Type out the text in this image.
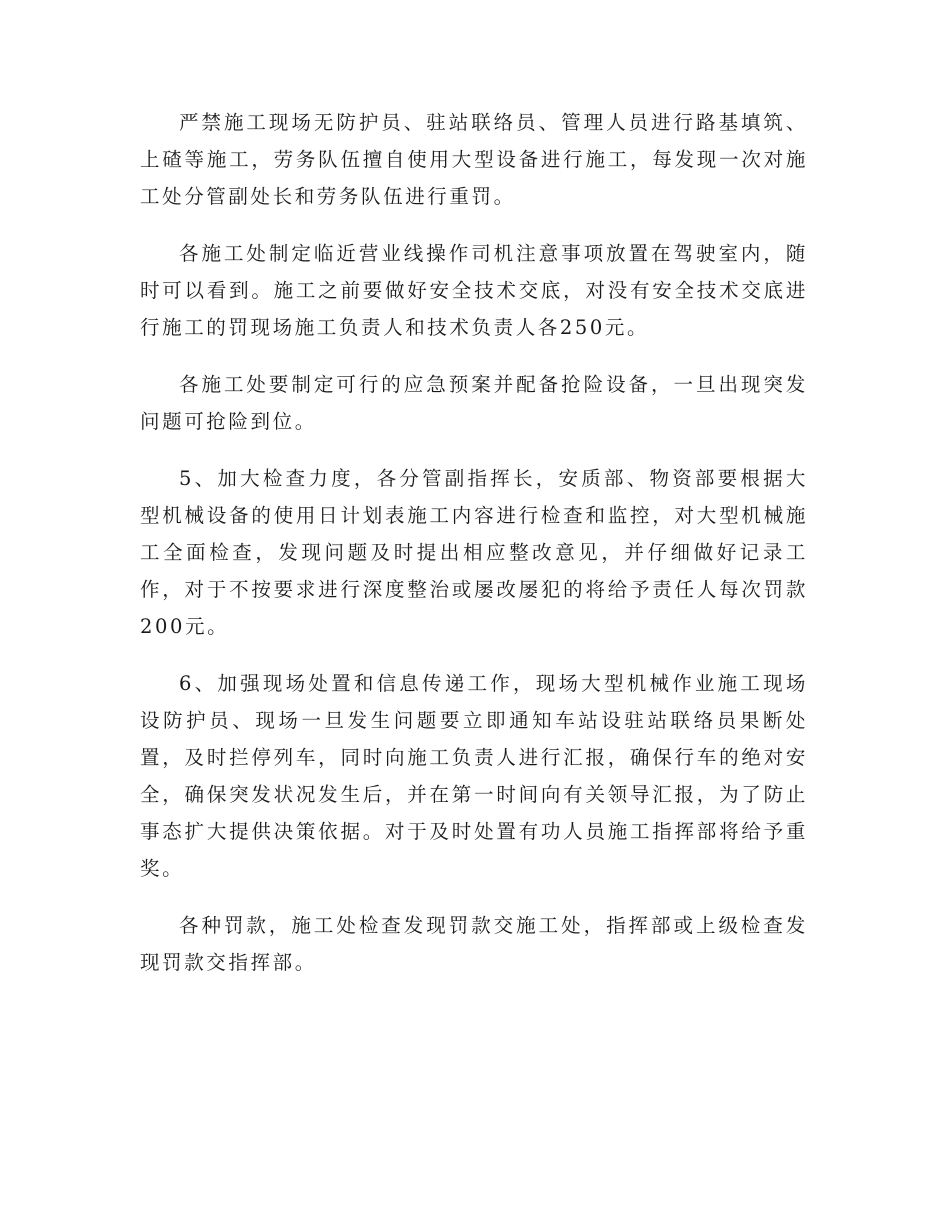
严禁施工现场无防护员、驻站联络员、管理人员进行路基填筑、上碴等施工，劳务队伍擅自使用大型设备进行施工，每发现一次对施工处分管副处长和劳务队伍进行重罚。

各施工处制定临近营业线操作司机注意事项放置在驾驶室内，随时可以看到。施工之前要做好安全技术交底，对没有安全技术交底进行施工的罚现场施工负责人和技术负责人各250元。

各施工处要制定可行的应急预案并配备抢险设备，一旦出现突发问题可抢险到位。

5、加大检查力度，各分管副指挥长，安质部、物资部要根据大型机械设备的使用日计划表施工内容进行检查和监控，对大型机械施工全面检查，发现问题及时提出相应整改意见，并仔细做好记录工作，对于不按要求进行深度整治或屡改屡犯的将给予责任人每次罚款200元。

6、加强现场处置和信息传递工作，现场大型机械作业施工现场设防护员、现场一旦发生问题要立即通知车站设驻站联络员果断处置，及时拦停列车，同时向施工负责人进行汇报，确保行车的绝对安全，确保突发状况发生后，并在第一时间向有关领导汇报，为了防止事态扩大提供决策依据。对于及时处置有功人员施工指挥部将给予重奖。

各种罚款，施工处检查发现罚款交施工处，指挥部或上级检查发现罚款交指挥部。
